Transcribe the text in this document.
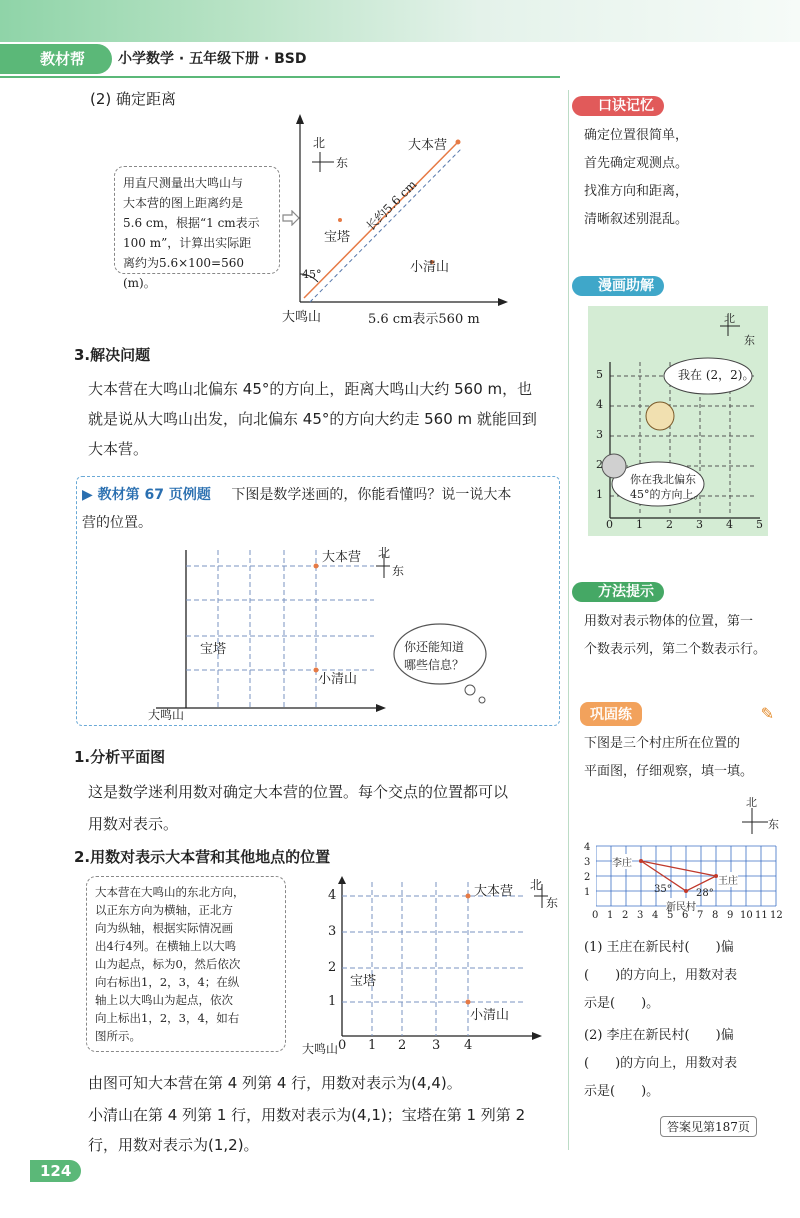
教材帮	小学数学 · 五年级下册 · BSD
(2) 确定距离
用直尺测量出大鸣山与
大本营的图上距离约是
5.6 cm，根据“1 cm表示
100 m”，计算出实际距
离约为5.6×100=560 (m)。
北
东
大本营
宝塔
小清山
大鸣山
45°
长约5.6 cm
5.6 cm表示560 m
3.解决问题
大本营在大鸣山北偏东 45°的方向上，距离大鸣山大约 560 m，也
就是说从大鸣山出发，向北偏东 45°的方向大约走 560 m 就能回到
大本营。
▶ 教材第 67 页例题 下图是数学迷画的，你能看懂吗？说一说大本
营的位置。
大本营
宝塔
小清山
大鸣山
北
东
你还能知道
哪些信息？
1.分析平面图
这是数学迷利用数对确定大本营的位置。每个交点的位置都可以
用数对表示。
2.用数对表示大本营和其他地点的位置
大本营在大鸣山的东北方向，
以正东方向为横轴，正北方
向为纵轴，根据实际情况画
出4行4列。在横轴上以大鸣
山为起点，标为0，然后依次
向右标出1，2，3，4；在纵
轴上以大鸣山为起点，依次
向上标出1，2，3，4，如右
图所示。
大本营
宝塔
小清山
大鸣山
北
东
0 1 2 3 4
1
2
3
4
由图可知大本营在第 4 列第 4 行，用数对表示为(4,4)。
小清山在第 4 列第 1 行，用数对表示为(4,1)；宝塔在第 1 列第 2
行，用数对表示为(1,2)。
124
口诀记忆
确定位置很简单，
首先确定观测点。
找准方向和距离，
清晰叙述别混乱。
漫画助解
我在 (2，2)。
你在我北偏东
45°的方向上。
北
东
0 1 2 3 4 5
1
2
3
4
5
方法提示
用数对表示物体的位置，第一
个数表示列，第二个数表示行。
巩固练	✎
下图是三个村庄所在位置的
平面图，仔细观察，填一填。
北
东
李庄
王庄
新民村
35° 28°
4
3
2
1
0 1 2 3 4 5 6 7 8 9 10 11 12
(1) 王庄在新民村(　　)偏
(　　)的方向上，用数对表
示是(　　)。
(2) 李庄在新民村(　　)偏
(　　)的方向上，用数对表
示是(　　)。
答案见第187页
